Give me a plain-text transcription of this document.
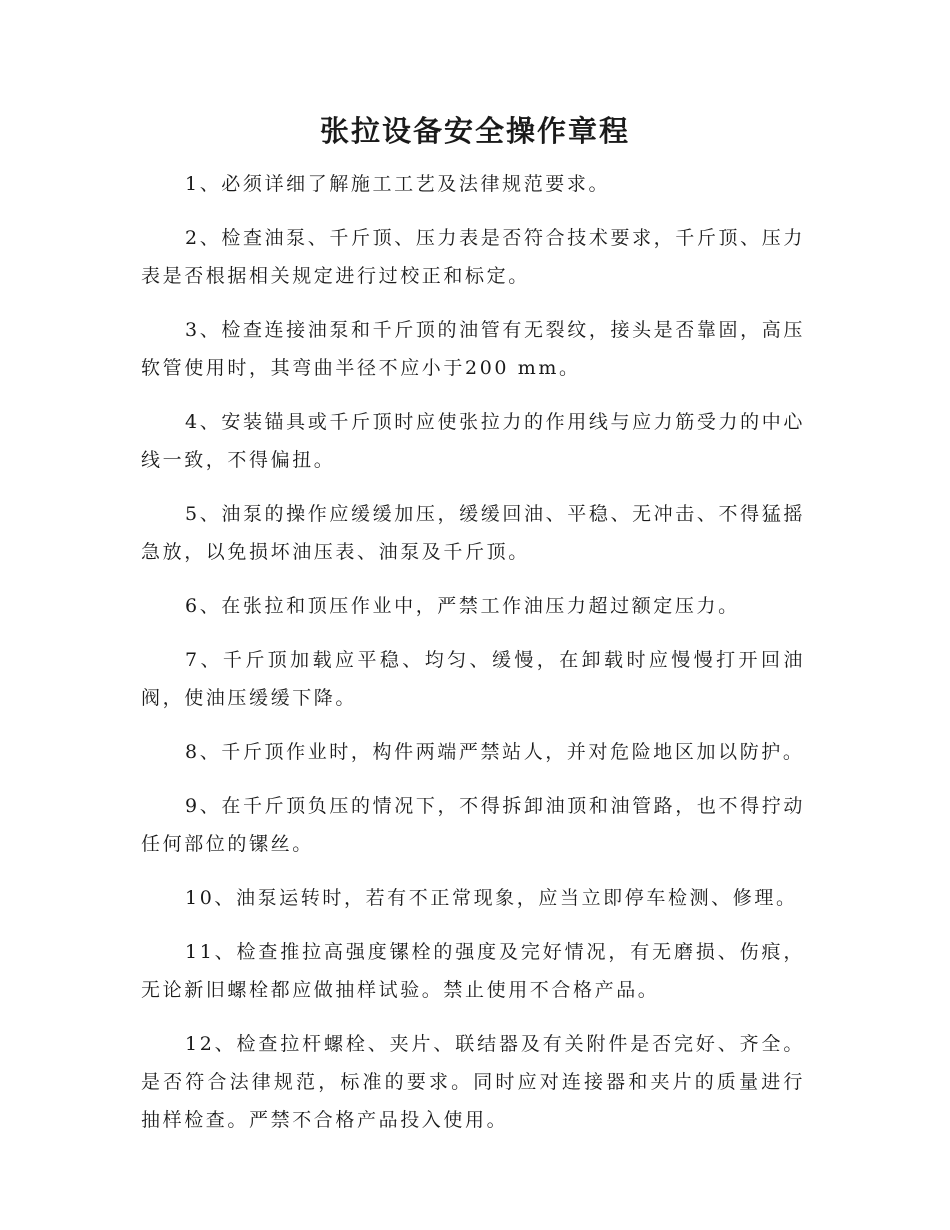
张拉设备安全操作章程

1、必须详细了解施工工艺及法律规范要求。

2、检查油泵、千斤顶、压力表是否符合技术要求，千斤顶、压力表是否根据相关规定进行过校正和标定。

3、检查连接油泵和千斤顶的油管有无裂纹，接头是否靠固，高压软管使用时，其弯曲半径不应小于200 mm。

4、安装锚具或千斤顶时应使张拉力的作用线与应力筋受力的中心线一致，不得偏扭。

5、油泵的操作应缓缓加压，缓缓回油、平稳、无冲击、不得猛摇急放，以免损坏油压表、油泵及千斤顶。

6、在张拉和顶压作业中，严禁工作油压力超过额定压力。

7、千斤顶加载应平稳、均匀、缓慢，在卸载时应慢慢打开回油阀，使油压缓缓下降。

8、千斤顶作业时，构件两端严禁站人，并对危险地区加以防护。

9、在千斤顶负压的情况下，不得拆卸油顶和油管路，也不得拧动任何部位的镙丝。

10、油泵运转时，若有不正常现象，应当立即停车检测、修理。

11、检查推拉高强度镙栓的强度及完好情况，有无磨损、伤痕，无论新旧螺栓都应做抽样试验。禁止使用不合格产品。

12、检查拉杆螺栓、夹片、联结器及有关附件是否完好、齐全。是否符合法律规范，标准的要求。同时应对连接器和夹片的质量进行抽样检查。严禁不合格产品投入使用。
